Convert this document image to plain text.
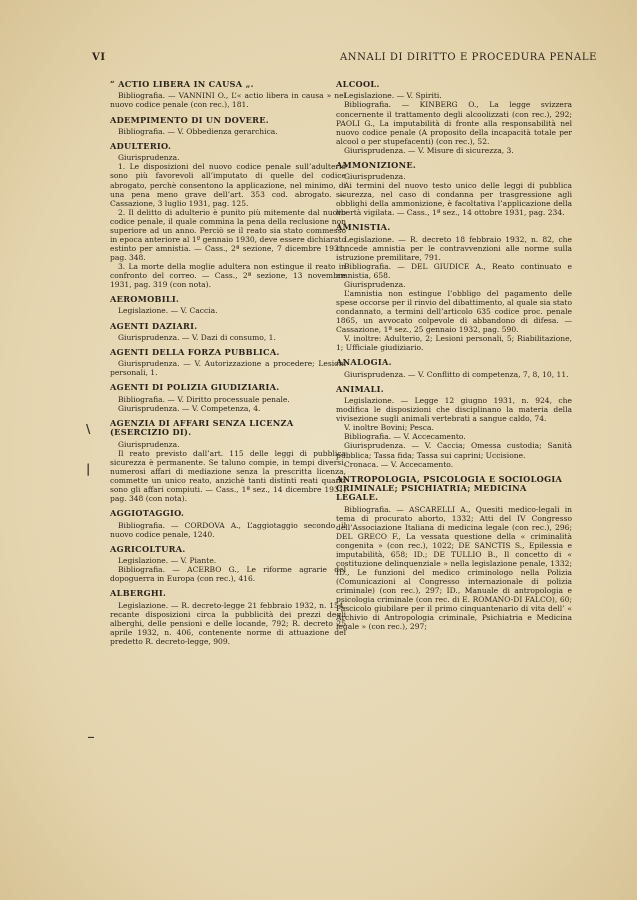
VI	ANNALI DI DIRITTO E PROCEDURA PENALE
“ ACTIO LIBERA IN CAUSA „.

Bibliografia. — VANNINI O., L’« actio libera in causa » nel nuovo codice penale (con rec.), 181.

ADEMPIMENTO DI UN DOVERE.

Bibliografia. — V. Obbedienza gerarchica.

ADULTERIO.

Giurisprudenza.

1. Le disposizioni del nuovo codice penale sull’adulterio sono più favorevoli all’imputato di quelle del codice abrogato, perchè consentono la applicazione, nel minimo, di una pena meno grave dell’art. 353 cod. abrogato. — Cassazione, 3 luglio 1931, pag. 125.

2. Il delitto di adulterio è punito più mitemente dal nuovo codice penale, il quale commina la pena della reclusione non superiore ad un anno. Perciò se il reato sia stato commesso in epoca anteriore al 1º gennaio 1930, deve essere dichiarato estinto per amnistia. — Cass., 2ª sezione, 7 dicembre 1931, pag. 348.

3. La morte della moglie adultera non estingue il reato in confronto del correo. — Cass., 2ª sezione, 13 novembre 1931, pag. 319 (con nota).

AEROMOBILI.

Legislazione. — V. Caccia.

AGENTI DAZIARI.

Giurisprudenza. — V. Dazi di consumo, 1.

AGENTI DELLA FORZA PUBBLICA.

Giurisprudenza. — V. Autorizzazione a procedere; Lesioni personali, 1.

AGENTI DI POLIZIA GIUDIZIARIA.

Bibliografia. — V. Diritto processuale penale.

Giurisprudenza. — V. Competenza, 4.

AGENZIA DI AFFARI SENZA LICENZA (ESERCIZIO DI).

Giurisprudenza.

Il reato previsto dall’art. 115 delle leggi di pubblica sicurezza è permanente. Se taluno compie, in tempi diversi, numerosi affari di mediazione senza la prescritta licenza, commette un unico reato, anzichè tanti distinti reati quanti sono gli affari compiuti. — Cass., 1ª sez., 14 dicembre 1931, pag. 348 (con nota).

AGGIOTAGGIO.

Bibliografia. — CORDOVA A., L’aggiotaggio secondo il nuovo codice penale, 1240.

AGRICOLTURA.

Legislazione. — V. Piante.

Bibliografia. — ACERBO G., Le riforme agrarie del dopoguerra in Europa (con rec.), 416.

ALBERGHI.

Legislazione. — R. decreto-legge 21 febbraio 1932, n. 154, recante disposizioni circa la pubblicità dei prezzi degli alberghi, delle pensioni e delle locande, 792; R. decreto 25 aprile 1932, n. 406, contenente norme di attuazione del predetto R. decreto-legge, 909.

ALCOOL.

Legislazione. — V. Spiriti.

Bibliografia. — KINBERG O., La legge svizzera concernente il trattamento degli alcoolizzati (con rec.), 292; PAOLI G., La imputabilità di fronte alla responsabilità nel nuovo codice penale (A proposito della incapacità totale per alcool o per stupefacenti) (con rec.), 52.

Giurisprudenza. — V. Misure di sicurezza, 3.

AMMONIZIONE.

Giurisprudenza.

Ai termini del nuovo testo unico delle leggi di pubblica sicurezza, nel caso di condanna per trasgressione agli obblighi della ammonizione, è facoltativa l’applicazione della libertà vigilata. — Cass., 1ª sez., 14 ottobre 1931, pag. 234.

AMNISTIA.

Legislazione. — R. decreto 18 febbraio 1932, n. 82, che concede amnistia per le contravvenzioni alle norme sulla istruzione premilitare, 791.

Bibliografia. — DEL GIUDICE A., Reato continuato e amnistia, 658.

Giurisprudenza.

L’amnistia non estingue l’obbligo del pagamento delle spese occorse per il rinvio del dibattimento, al quale sia stato condannato, a termini dell’articolo 635 codice proc. penale 1865, un avvocato colpevole di abbandono di difesa. — Cassazione, 1ª sez., 25 gennaio 1932, pag. 590.

V. inoltre: Adulterio, 2; Lesioni personali, 5; Riabilitazione, 1; Ufficiale giudiziario.

ANALOGIA.

Giurisprudenza. — V. Conflitto di competenza, 7, 8, 10, 11.

ANIMALI.

Legislazione. — Legge 12 giugno 1931, n. 924, che modifica le disposizioni che disciplinano la materia della vivisezione sugli animali vertebrati a sangue caldo, 74.

V. inoltre Bovini; Pesca.

Bibliografia. — V. Accecamento.

Giurisprudenza. — V. Caccia; Omessa custodia; Sanità pubblica; Tassa fida; Tassa sui caprini; Uccisione.

Cronaca. — V. Accecamento.

ANTROPOLOGIA, PSICOLOGIA E SOCIOLOGIA CRIMINALE; PSICHIATRIA; MEDICINA LEGALE.

Bibliografia. — ASCARELLI A., Quesiti medico-legali in tema di procurato aborto, 1332; Atti del IV Congresso dell’Associazione Italiana di medicina legale (con rec.), 296; DEL GRECO F., La vessata questione della « criminalità congenita » (con rec.), 1022; DE SANCTIS S., Epilessia e imputabilità, 658; ID.; DE TULLIO B., Il concetto di « costituzione delinquenziale » nella legislazione penale, 1332; ID., Le funzioni del medico criminologo nella Polizia (Comunicazioni al Congresso internazionale di polizia criminale) (con rec.), 297; ID., Manuale di antropologia e psicologia criminale (con rec. di E. ROMANO-DI FALCO), 60; Fascicolo giubilare per il primo cinquantenario di vita dell’ « Archivio di Antropologia criminale, Psichiatria e Medicina legale » (con rec.), 297;

\
|
_
